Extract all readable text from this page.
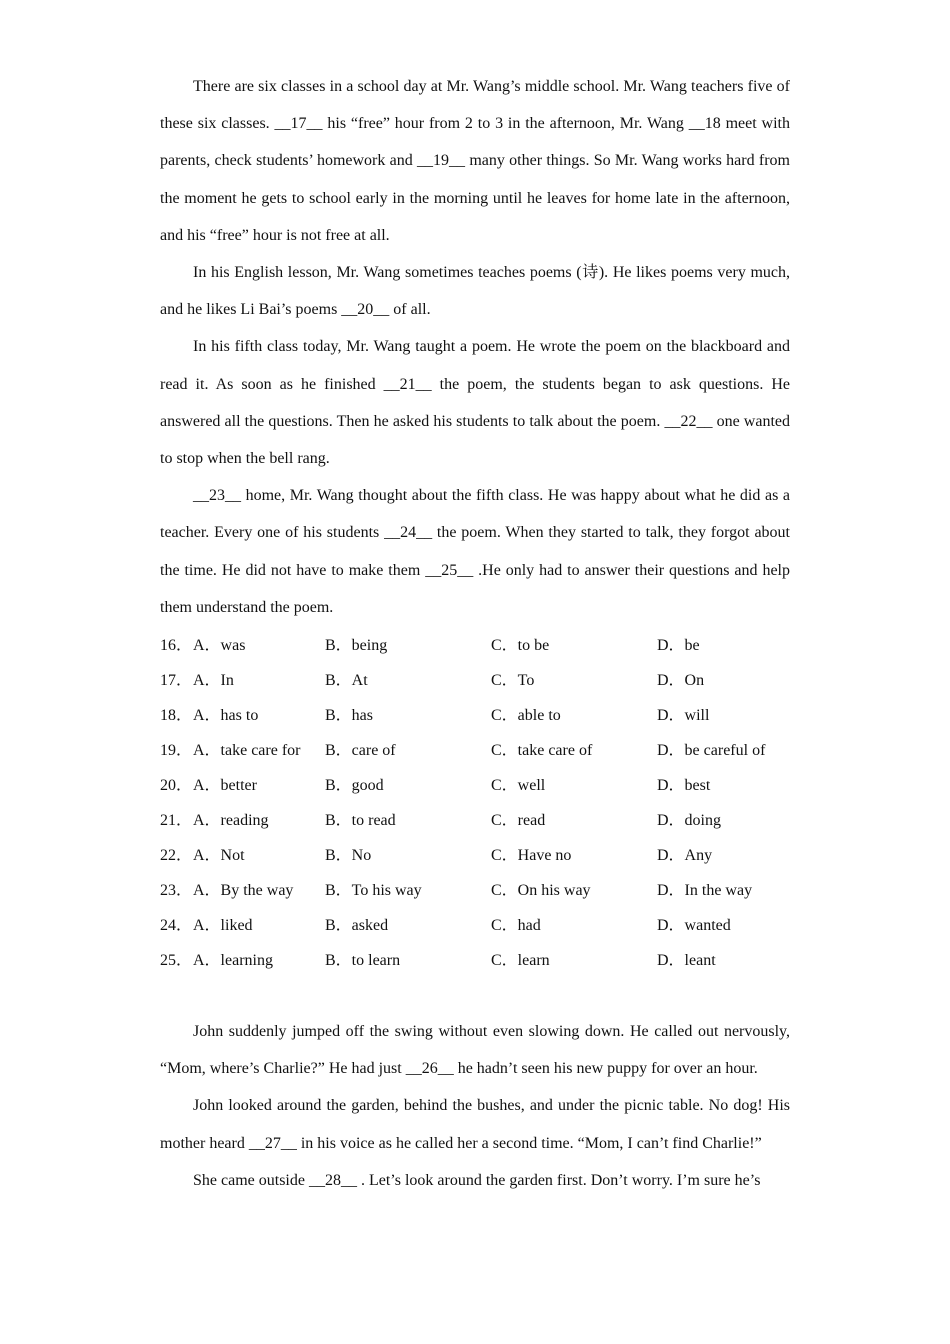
There are six classes in a school day at Mr. Wang’s middle school. Mr. Wang teachers five of these six classes. __17__ his “free” hour from 2 to 3 in the afternoon, Mr. Wang __18 meet with parents, check students’ homework and __19__ many other things. So Mr. Wang works hard from the moment he gets to school early in the morning until he leaves for home late in the afternoon, and his “free” hour is not free at all.

In his English lesson, Mr. Wang sometimes teaches poems (诗). He likes poems very much, and he likes Li Bai’s poems __20__ of all.

In his fifth class today, Mr. Wang taught a poem. He wrote the poem on the blackboard and read it. As soon as he finished __21__ the poem, the students began to ask questions. He answered all the questions. Then he asked his students to talk about the poem. __22__ one wanted to stop when the bell rang.

__23__ home, Mr. Wang thought about the fifth class. He was happy about what he did as a teacher. Every one of his students __24__ the poem. When they started to talk, they forgot about the time. He did not have to make them __25__ .He only had to answer their questions and help them understand the poem.

16． A．was	B．being	C．to be	D．be
17． A．In	B．At	C．To	D．On
18． A．has to	B．has	C．able to	D．will
19． A．take care for B．care of	C．take care of	D．be careful of
20． A．better	B．good	C．well	D．best
21． A．reading	B．to read	C．read	D．doing
22． A．Not	B．No	C．Have no	D．Any
23． A．By the way B．To his way	C．On his way	D．In the way
24． A．liked	B．asked	C．had	D．wanted
25． A．learning	B．to learn	C．learn	D．leant

John suddenly jumped off the swing without even slowing down. He called out nervously, “Mom, where’s Charlie?” He had just __26__ he hadn’t seen his new puppy for over an hour.

John looked around the garden, behind the bushes, and under the picnic table. No dog! His mother heard __27__ in his voice as he called her a second time. “Mom, I can’t find Charlie!”

She came outside __28__ . Let’s look around the garden first. Don’t worry. I’m sure he’s
